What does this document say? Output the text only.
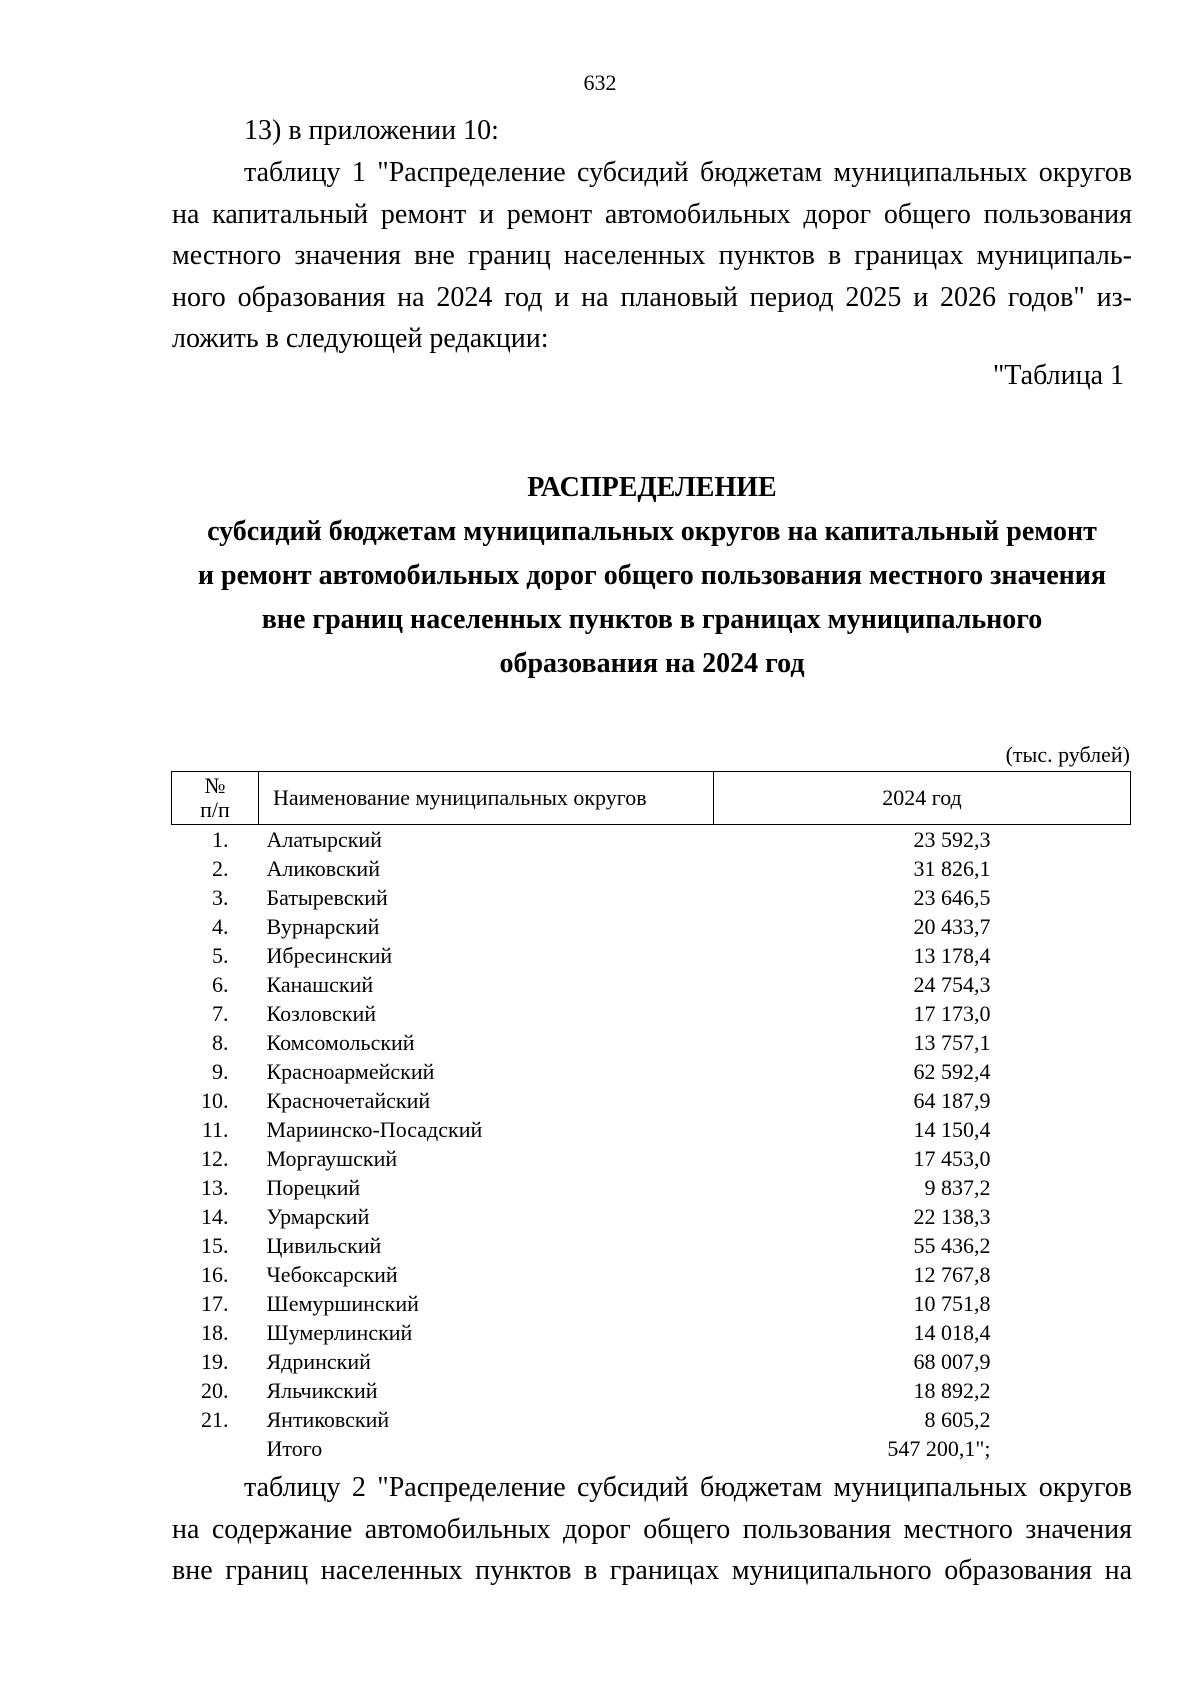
632
13) в приложении 10:
таблицу 1 "Распределение субсидий бюджетам муниципальных округов
на капитальный ремонт и ремонт автомобильных дорог общего пользования
местного значения вне границ населенных пунктов в границах муниципаль-
ного образования на 2024 год и на плановый период 2025 и 2026 годов" из-
ложить в следующей редакции:
"Таблица 1
РАСПРЕДЕЛЕНИЕ
субсидий бюджетам муниципальных округов на капитальный ремонт
и ремонт автомобильных дорог общего пользования местного значения
вне границ населенных пунктов в границах муниципального
образования на 2024 год
(тыс. рублей)
№
п/п	Наименование муниципальных округов	2024 год
1.	Алатырский	23 592,3
2.	Аликовский	31 826,1
3.	Батыревский	23 646,5
4.	Вурнарский	20 433,7
5.	Ибресинский	13 178,4
6.	Канашский	24 754,3
7.	Козловский	17 173,0
8.	Комсомольский	13 757,1
9.	Красноармейский	62 592,4
10.	Красночетайский	64 187,9
11.	Мариинско-Посадский	14 150,4
12.	Моргаушский	17 453,0
13.	Порецкий	9 837,2
14.	Урмарский	22 138,3
15.	Цивильский	55 436,2
16.	Чебоксарский	12 767,8
17.	Шемуршинский	10 751,8
18.	Шумерлинский	14 018,4
19.	Ядринский	68 007,9
20.	Яльчикский	18 892,2
21.	Янтиковский	8 605,2
	Итого	547 200,1";
таблицу 2 "Распределение субсидий бюджетам муниципальных округов
на содержание автомобильных дорог общего пользования местного значения
вне границ населенных пунктов в границах муниципального образования на
